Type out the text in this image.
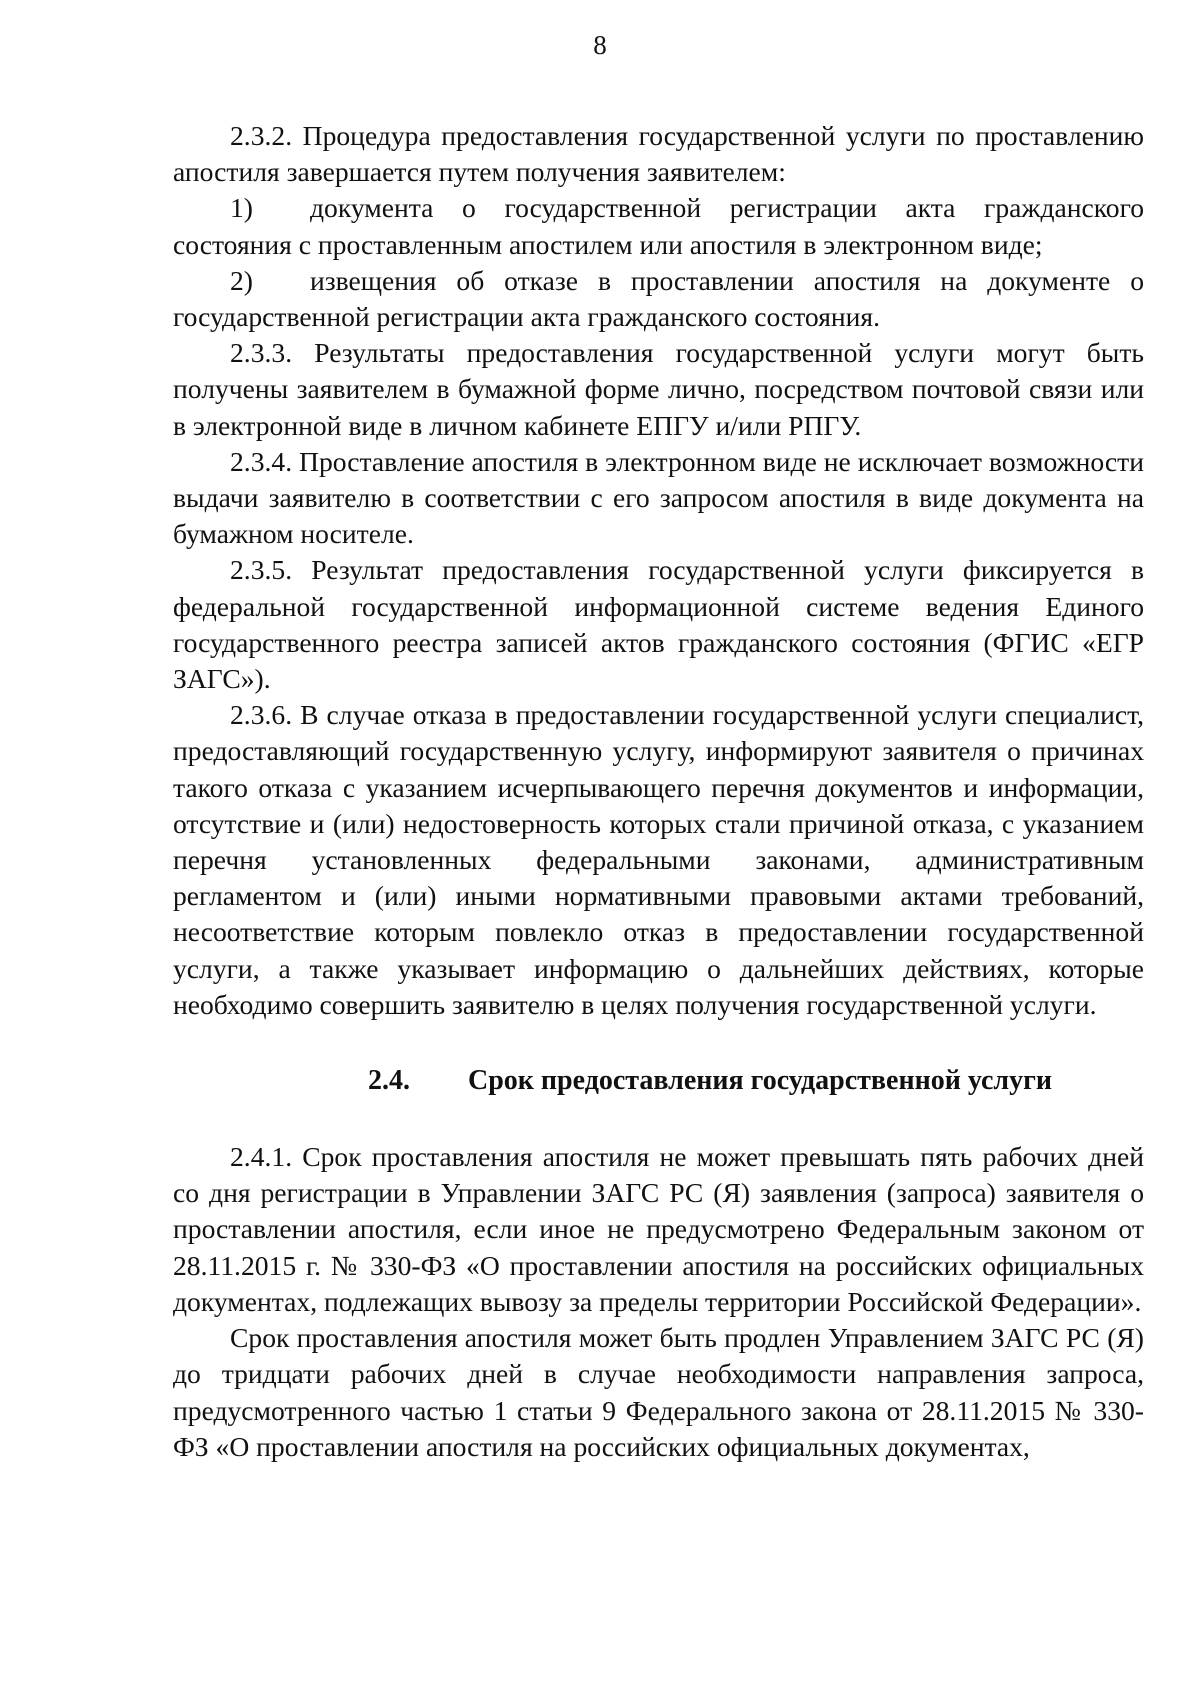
8

2.3.2. Процедура предоставления государственной услуги по проставлению апостиля завершается путем получения заявителем:

1) документа о государственной регистрации акта гражданского состояния с проставленным апостилем или апостиля в электронном виде;

2) извещения об отказе в проставлении апостиля на документе о государственной регистрации акта гражданского состояния.

2.3.3. Результаты предоставления государственной услуги могут быть получены заявителем в бумажной форме лично, посредством почтовой связи или в электронной виде в личном кабинете ЕПГУ и/или РПГУ.

2.3.4. Проставление апостиля в электронном виде не исключает возможности выдачи заявителю в соответствии с его запросом апостиля в виде документа на бумажном носителе.

2.3.5. Результат предоставления государственной услуги фиксируется в федеральной государственной информационной системе ведения Единого государственного реестра записей актов гражданского состояния (ФГИС «ЕГР ЗАГС»).

2.3.6. В случае отказа в предоставлении государственной услуги специалист, предоставляющий государственную услугу, информируют заявителя о причинах такого отказа с указанием исчерпывающего перечня документов и информации, отсутствие и (или) недостоверность которых стали причиной отказа, с указанием перечня установленных федеральными законами, административным регламентом и (или) иными нормативными правовыми актами требований, несоответствие которым повлекло отказ в предоставлении государственной услуги, а также указывает информацию о дальнейших действиях, которые необходимо совершить заявителю в целях получения государственной услуги.

2.4. Срок предоставления государственной услуги

2.4.1. Срок проставления апостиля не может превышать пять рабочих дней со дня регистрации в Управлении ЗАГС РС (Я) заявления (запроса) заявителя о проставлении апостиля, если иное не предусмотрено Федеральным законом от 28.11.2015 г. № 330-ФЗ «О проставлении апостиля на российских официальных документах, подлежащих вывозу за пределы территории Российской Федерации».

Срок проставления апостиля может быть продлен Управлением ЗАГС РС (Я) до тридцати рабочих дней в случае необходимости направления запроса, предусмотренного частью 1 статьи 9 Федерального закона от 28.11.2015 № 330-ФЗ «О проставлении апостиля на российских официальных документах,
